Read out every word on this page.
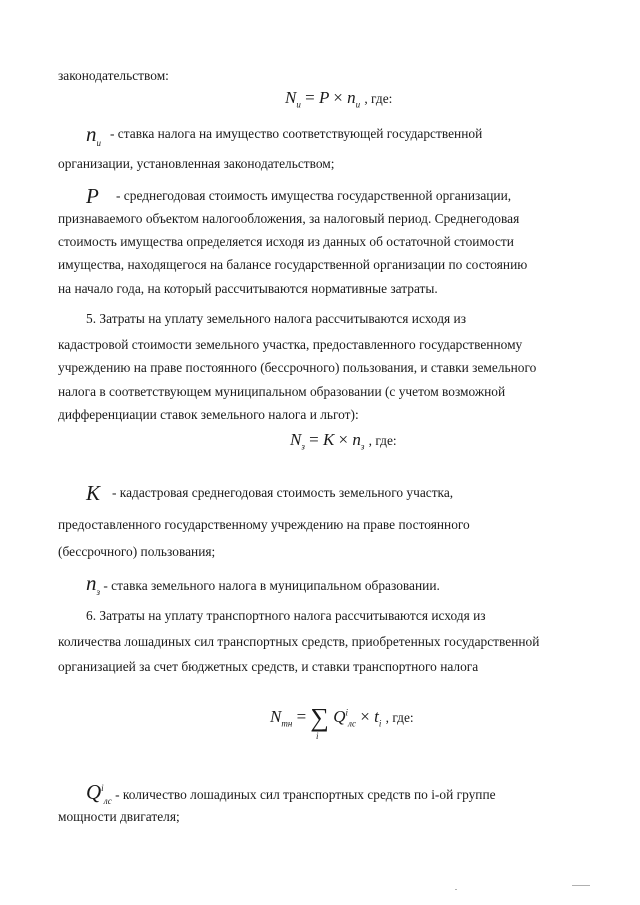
законодательством:
$N_и = P \times n_и$ , где:
$n_и$
- ставка налога на имущество соответствующей государственной
организации, установленная законодательством;
P - среднегодовая стоимость имущества государственной организации,
признаваемого объектом налогообложения, за налоговый период. Среднегодовая
стоимость имущества определяется исходя из данных об остаточной стоимости
имущества, находящегося на балансе государственной организации по состоянию
на начало года, на который рассчитываются нормативные затраты.
5. Затраты на уплату земельного налога рассчитываются исходя из
кадастровой стоимости земельного участка, предоставленного государственному
учреждению на праве постоянного (бессрочного) пользования, и ставки земельного
налога в соответствующем муниципальном образовании (с учетом возможной
дифференциации ставок земельного налога и льгот):
$N_з = K \times n_з$ , где:
К - кадастровая среднегодовая стоимость земельного участка,
предоставленного государственному учреждению на праве постоянного
(бессрочного) пользования;
$n_з$ - ставка земельного налога в муниципальном образовании.
6. Затраты на уплату транспортного налога рассчитываются исходя из
количества лошадиных сил транспортных средств, приобретенных государственной
организацией за счет бюджетных средств, и ставки транспортного налога
$N_{тн}$ = ∑ $Q^i_{лс} \times t_i$ , где:
i
$Q^i_{лс}$ - количество лошадиных сил транспортных средств по i-ой группе
мощности двигателя;
